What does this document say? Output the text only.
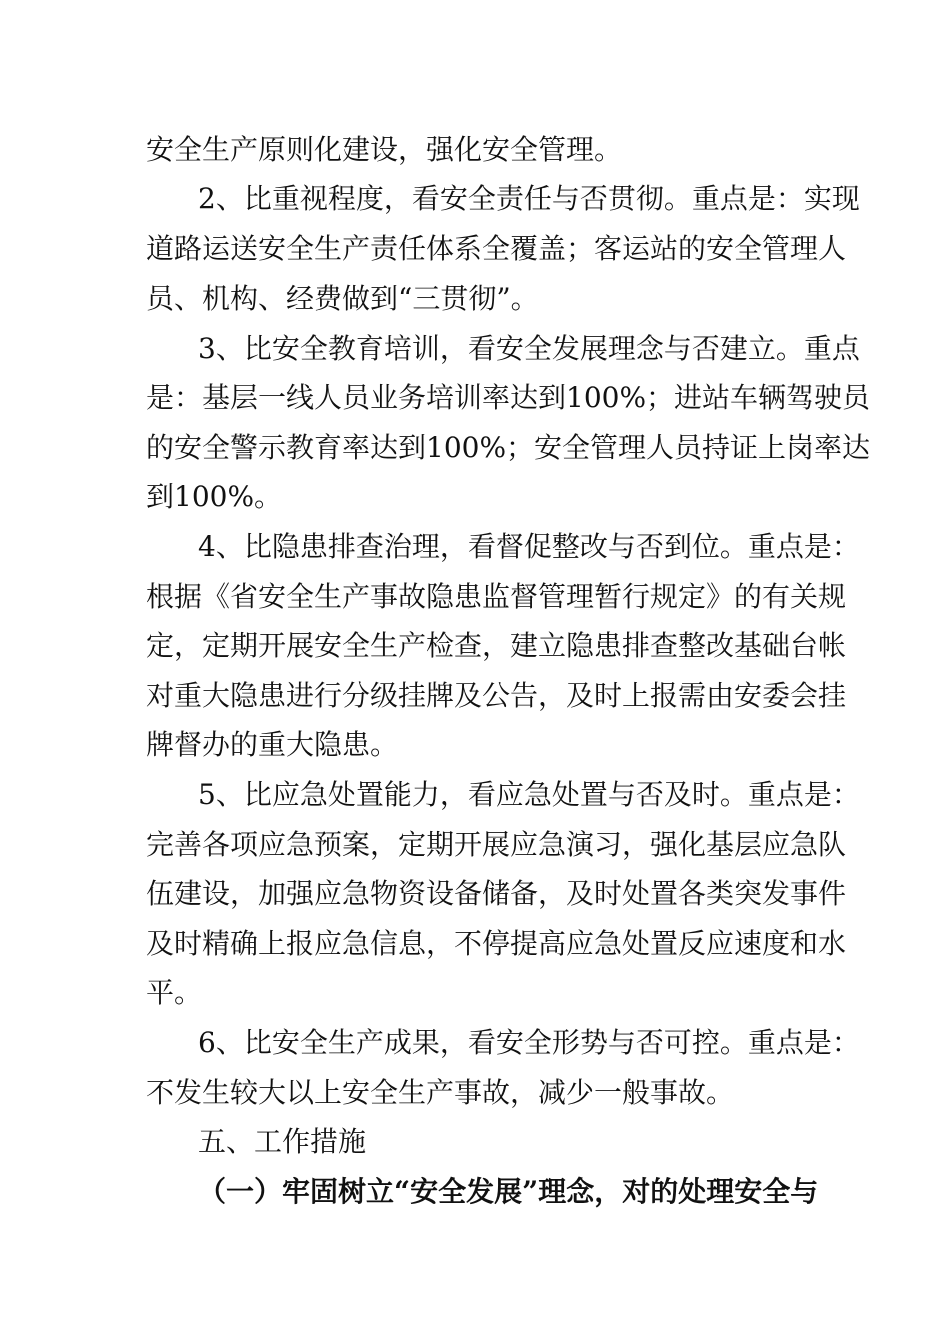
安全生产原则化建设，强化安全管理。
2、比重视程度，看安全责任与否贯彻。重点是：实现
道路运送安全生产责任体系全覆盖；客运站的安全管理人
员、机构、经费做到“三贯彻”。
3、比安全教育培训，看安全发展理念与否建立。重点
是：基层一线人员业务培训率达到100%；进站车辆驾驶员
的安全警示教育率达到100%；安全管理人员持证上岗率达
到100%。
4、比隐患排查治理，看督促整改与否到位。重点是：
根据《省安全生产事故隐患监督管理暂行规定》的有关规
定，定期开展安全生产检查，建立隐患排查整改基础台帐
对重大隐患进行分级挂牌及公告，及时上报需由安委会挂
牌督办的重大隐患。
5、比应急处置能力，看应急处置与否及时。重点是：
完善各项应急预案，定期开展应急演习，强化基层应急队
伍建设，加强应急物资设备储备，及时处置各类突发事件
及时精确上报应急信息，不停提高应急处置反应速度和水
平。
6、比安全生产成果，看安全形势与否可控。重点是：
不发生较大以上安全生产事故，减少一般事故。
五、工作措施
（一）牢固树立“安全发展”理念，对的处理安全与
